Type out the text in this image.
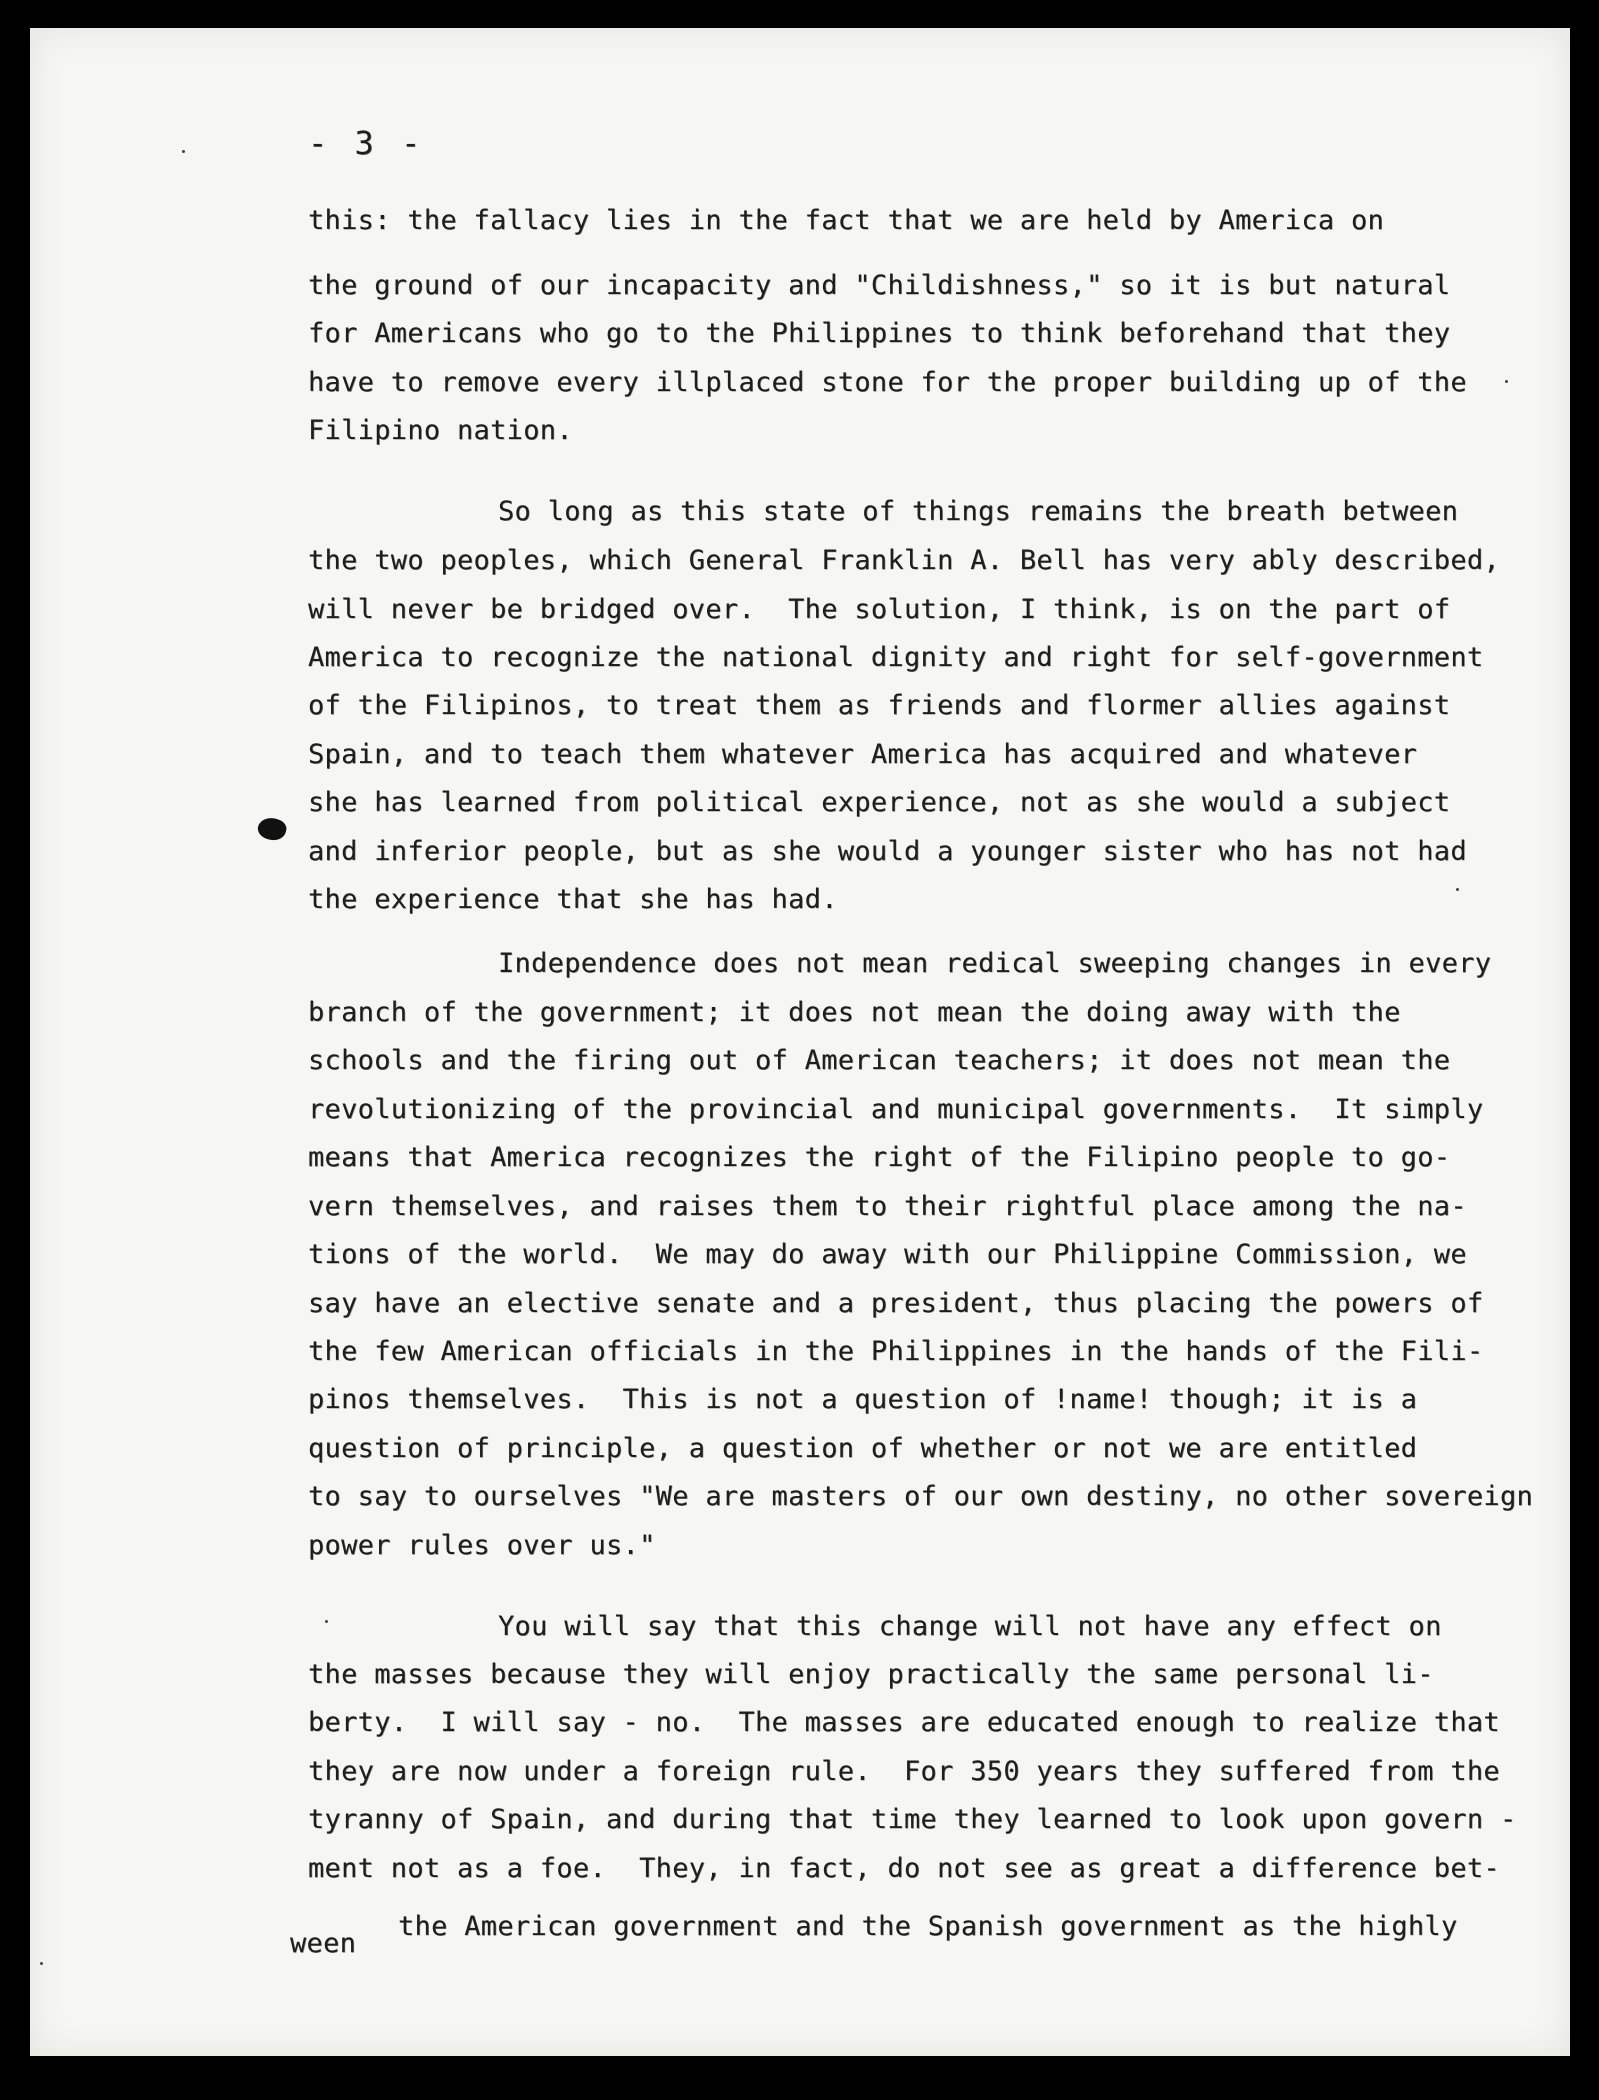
- 3 -
this: the fallacy lies in the fact that we are held by America on
the ground of our incapacity and "Childishness," so it is but natural
for Americans who go to the Philippines to think beforehand that they
have to remove every illplaced stone for the proper building up of the
Filipino nation.
So long as this state of things remains the breath between
the two peoples, which General Franklin A. Bell has very ably described,
will never be bridged over.  The solution, I think, is on the part of
America to recognize the national dignity and right for self-government
of the Filipinos, to treat them as friends and flormer allies against
Spain, and to teach them whatever America has acquired and whatever
she has learned from political experience, not as she would a subject
and inferior people, but as she would a younger sister who has not had
the experience that she has had.
Independence does not mean redical sweeping changes in every
branch of the government; it does not mean the doing away with the
schools and the firing out of American teachers; it does not mean the
revolutionizing of the provincial and municipal governments.  It simply
means that America recognizes the right of the Filipino people to go-
vern themselves, and raises them to their rightful place among the na-
tions of the world.  We may do away with our Philippine Commission, we
say have an elective senate and a president, thus placing the powers of
the few American officials in the Philippines in the hands of the Fili-
pinos themselves.  This is not a question of !name! though; it is a
question of principle, a question of whether or not we are entitled
to say to ourselves "We are masters of our own destiny, no other sovereign
power rules over us."
You will say that this change will not have any effect on
the masses because they will enjoy practically the same personal li-
berty.  I will say - no.  The masses are educated enough to realize that
they are now under a foreign rule.  For 350 years they suffered from the
tyranny of Spain, and during that time they learned to look upon govern -
ment not as a foe.  They, in fact, do not see as great a difference bet-
ween
the American government and the Spanish government as the highly
